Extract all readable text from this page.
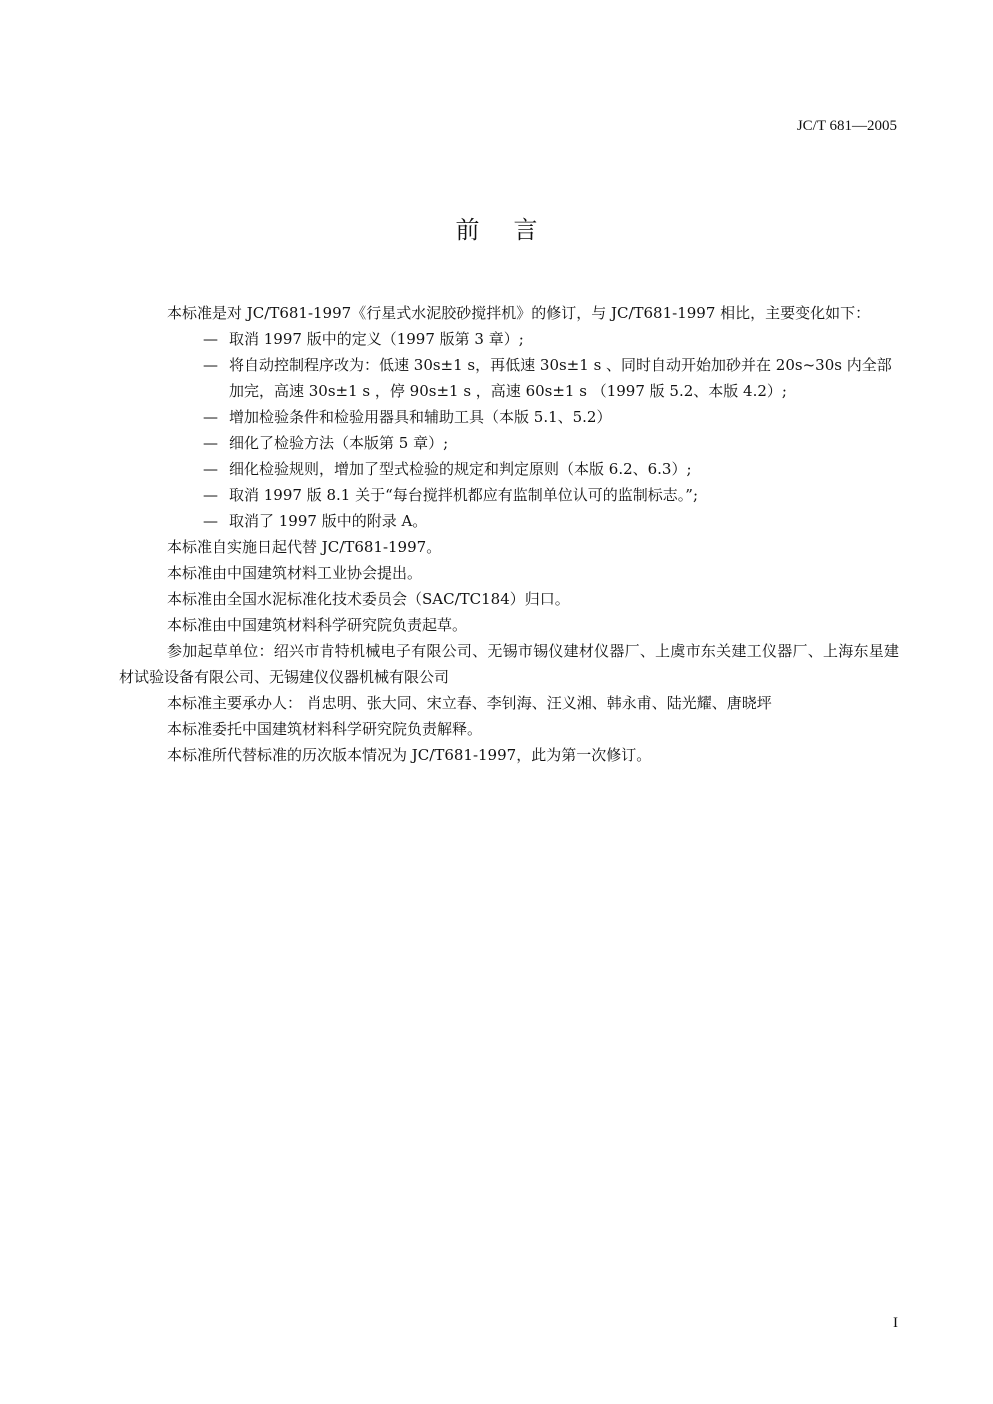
JC/T 681—2005
前言

本标准是对 JC/T681-1997《行星式水泥胶砂搅拌机》的修订，与 JC/T681-1997 相比，主要变化如下：

— 取消 1997 版中的定义（1997 版第 3 章）;
— 将自动控制程序改为：低速 30s±1 s，再低速 30s±1 s 、同时自动开始加砂并在 20s~30s 内全部加完，高速 30s±1 s ，停 90s±1 s ，高速 60s±1 s （1997 版 5.2、本版 4.2）;
— 增加检验条件和检验用器具和辅助工具（本版 5.1、5.2）
— 细化了检验方法（本版第 5 章）;
— 细化检验规则，增加了型式检验的规定和判定原则（本版 6.2、6.3）;
— 取消 1997 版 8.1 关于“每台搅拌机都应有监制单位认可的监制标志。”;
— 取消了 1997 版中的附录 A。

本标准自实施日起代替 JC/T681-1997。

本标准由中国建筑材料工业协会提出。

本标准由全国水泥标准化技术委员会（SAC/TC184）归口。

本标准由中国建筑材料科学研究院负责起草。

参加起草单位：绍兴市肯特机械电子有限公司、无锡市锡仪建材仪器厂、上虞市东关建工仪器厂、上海东星建材试验设备有限公司、无锡建仪仪器机械有限公司

本标准主要承办人： 肖忠明、张大同、宋立春、李钊海、汪义湘、韩永甫、陆光耀、唐晓坪

本标准委托中国建筑材料科学研究院负责解释。

本标准所代替标准的历次版本情况为 JC/T681-1997，此为第一次修订。

I
